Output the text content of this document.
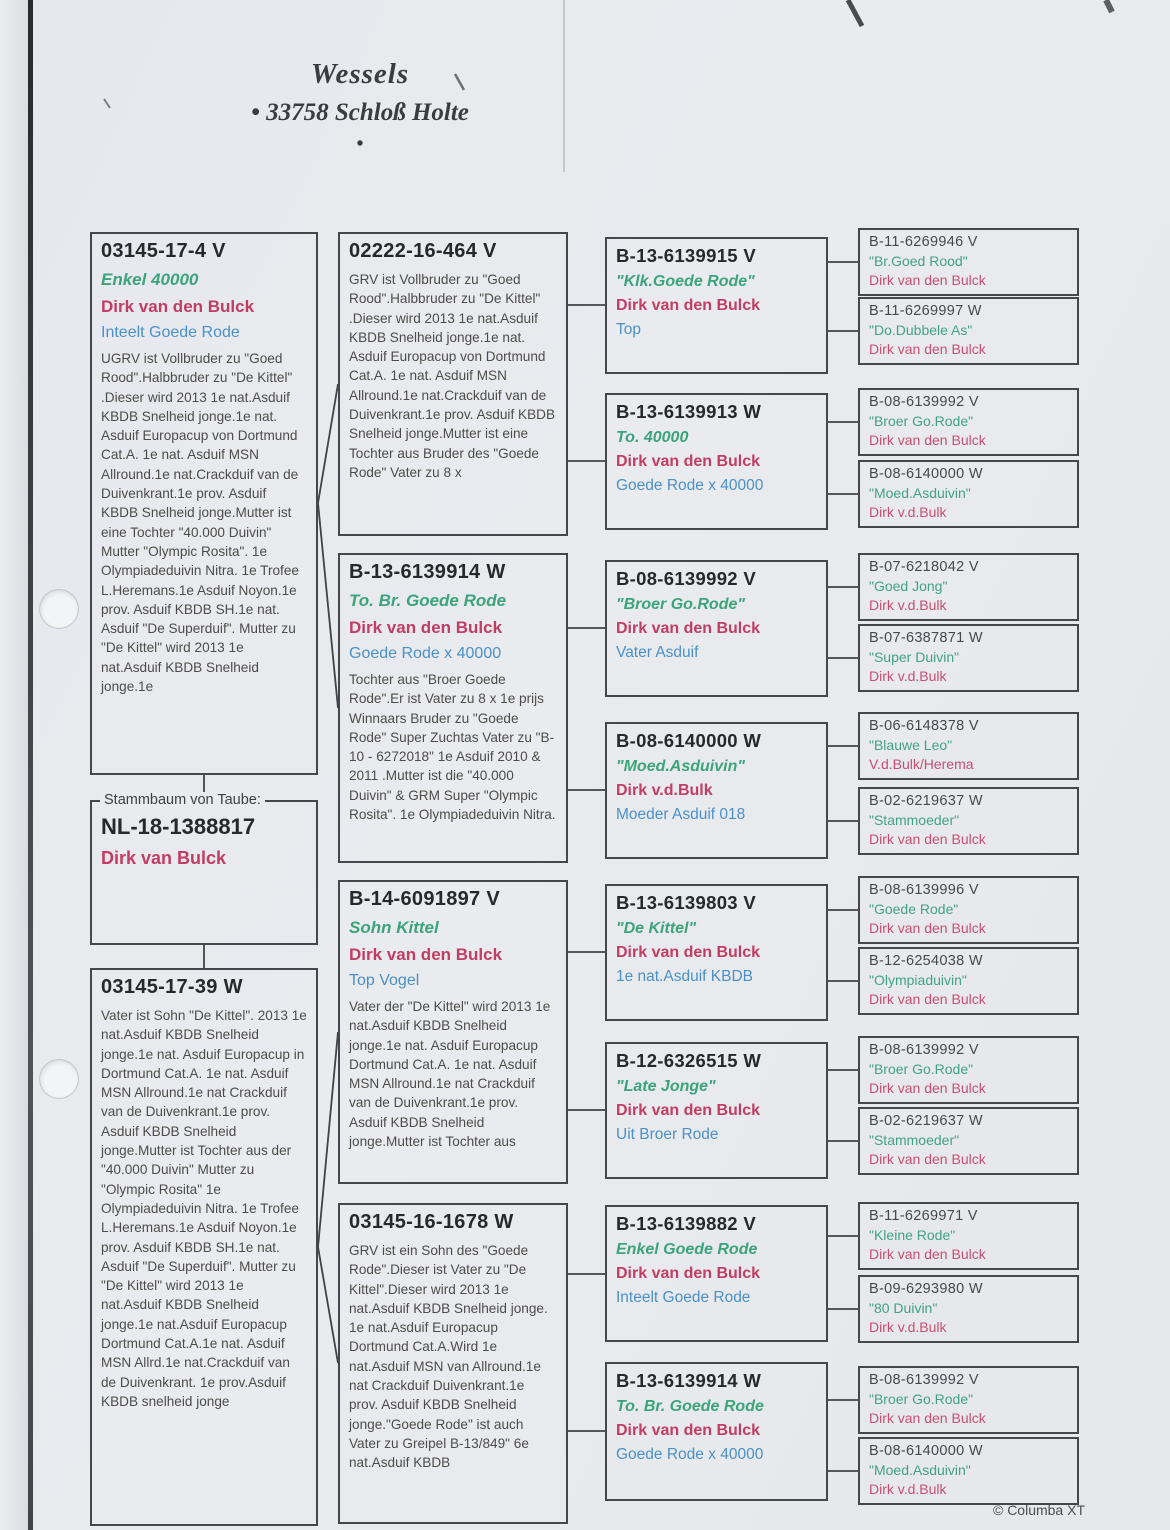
Wessels
• 33758 Schloß Holte
•
03145-17-4 V
Enkel 40000
Dirk van den Bulck
Inteelt Goede Rode
UGRV ist Vollbruder zu "Goed Rood".Halbbruder zu "De Kittel" .Dieser wird 2013 1e nat.Asduif KBDB Snelheid jonge.1e nat. Asduif Europacup von Dortmund Cat.A. 1e nat. Asduif MSN Allround.1e nat.Crackduif van de Duivenkrant.1e prov. Asduif KBDB Snelheid jonge.Mutter ist eine Tochter "40.000 Duivin" Mutter "Olympic Rosita". 1e Olympiadeduivin Nitra. 1e Trofee L.Heremans.1e Asduif Noyon.1e prov. Asduif KBDB SH.1e nat. Asduif "De Superduif". Mutter zu "De Kittel" wird 2013 1e nat.Asduif KBDB Snelheid jonge.1e
Stammbaum von Taube:
NL-18-1388817
Dirk van Bulck
03145-17-39 W
Vater ist Sohn "De Kittel". 2013 1e nat.Asduif KBDB Snelheid jonge.1e nat. Asduif Europacup in Dortmund Cat.A. 1e nat. Asduif MSN Allround.1e nat Crackduif van de Duivenkrant.1e prov. Asduif KBDB Snelheid jonge.Mutter ist Tochter aus der "40.000 Duivin" Mutter zu "Olympic Rosita" 1e Olympiadeduivin Nitra. 1e Trofee L.Heremans.1e Asduif Noyon.1e prov. Asduif KBDB SH.1e nat. Asduif "De Superduif". Mutter zu "De Kittel" wird 2013 1e nat.Asduif KBDB Snelheid jonge.1e nat.Asduif Europacup Dortmund Cat.A.1e nat. Asduif MSN Allrd.1e nat.Crackduif van de Duivenkrant. 1e prov.Asduif KBDB snelheid jonge
02222-16-464 V
GRV ist Vollbruder zu "Goed Rood".Halbbruder zu "De Kittel" .Dieser wird 2013 1e nat.Asduif KBDB Snelheid jonge.1e nat. Asduif Europacup von Dortmund Cat.A. 1e nat. Asduif MSN Allround.1e nat.Crackduif van de Duivenkrant.1e prov. Asduif KBDB Snelheid jonge.Mutter ist eine Tochter aus Bruder des "Goede Rode" Vater zu 8 x
B-13-6139914 W
To. Br. Goede Rode
Dirk van den Bulck
Goede Rode x 40000
Tochter aus "Broer Goede Rode".Er ist Vater zu 8 x 1e prijs Winnaars Bruder zu "Goede Rode" Super Zuchtas Vater zu "B-10 - 6272018" 1e Asduif 2010 & 2011 .Mutter ist die "40.000 Duivin" & GRM Super "Olympic Rosita". 1e Olympiadeduivin Nitra.
B-14-6091897 V
Sohn Kittel
Dirk van den Bulck
Top Vogel
Vater der "De Kittel" wird 2013 1e nat.Asduif KBDB Snelheid jonge.1e nat. Asduif Europacup Dortmund Cat.A. 1e nat. Asduif MSN Allround.1e nat Crackduif van de Duivenkrant.1e prov. Asduif KBDB Snelheid jonge.Mutter ist Tochter aus
03145-16-1678 W
GRV ist ein Sohn des "Goede Rode".Dieser ist Vater zu "De Kittel".Dieser wird 2013 1e nat.Asduif KBDB Snelheid jonge. 1e nat.Asduif Europacup Dortmund Cat.A.Wird 1e nat.Asduif MSN van Allround.1e nat Crackduif Duivenkrant.1e prov. Asduif KBDB Snelheid jonge."Goede Rode" ist auch Vater zu Greipel B-13/849" 6e nat.Asduif KBDB
B-13-6139915 V
"Klk.Goede Rode"
Dirk van den Bulck
Top
B-13-6139913 W
To. 40000
Dirk van den Bulck
Goede Rode x 40000
B-08-6139992 V
"Broer Go.Rode"
Dirk van den Bulck
Vater Asduif
B-08-6140000 W
"Moed.Asduivin"
Dirk v.d.Bulk
Moeder Asduif 018
B-13-6139803 V
"De Kittel"
Dirk van den Bulck
1e nat.Asduif KBDB
B-12-6326515 W
"Late Jonge"
Dirk van den Bulck
Uit Broer Rode
B-13-6139882 V
Enkel Goede Rode
Dirk van den Bulck
Inteelt Goede Rode
B-13-6139914 W
To. Br. Goede Rode
Dirk van den Bulck
Goede Rode x 40000
B-11-6269946 V
"Br.Goed Rood"
Dirk van den Bulck
B-11-6269997 W
"Do.Dubbele As"
Dirk van den Bulck
B-08-6139992 V
"Broer Go.Rode"
Dirk van den Bulck
B-08-6140000 W
"Moed.Asduivin"
Dirk v.d.Bulk
B-07-6218042 V
"Goed Jong"
Dirk v.d.Bulk
B-07-6387871 W
"Super Duivin"
Dirk v.d.Bulk
B-06-6148378 V
"Blauwe Leo"
V.d.Bulk/Herema
B-02-6219637 W
"Stammoeder"
Dirk van den Bulck
B-08-6139996 V
"Goede Rode"
Dirk van den Bulck
B-12-6254038 W
"Olympiaduivin"
Dirk van den Bulck
B-08-6139992 V
"Broer Go.Rode"
Dirk van den Bulck
B-02-6219637 W
"Stammoeder"
Dirk van den Bulck
B-11-6269971 V
"Kleine Rode"
Dirk van den Bulck
B-09-6293980 W
"80 Duivin"
Dirk v.d.Bulk
B-08-6139992 V
"Broer Go.Rode"
Dirk van den Bulck
B-08-6140000 W
"Moed.Asduivin"
Dirk v.d.Bulk
© Columba XT
